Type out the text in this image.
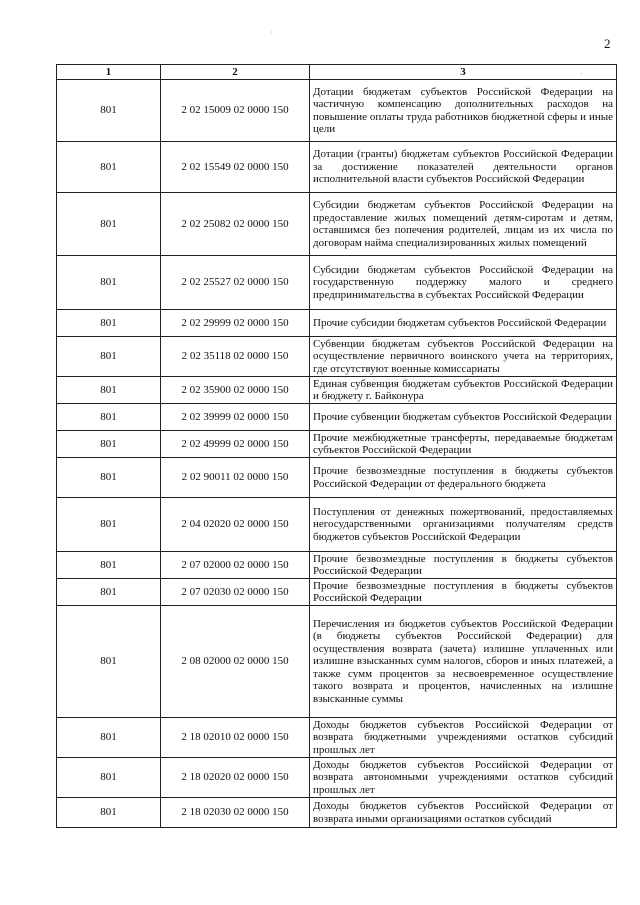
2
·
·
1	2	3
801	2 02 15009 02 0000 150	Дотации бюджетам субъектов Российской Федерации на частичную компенсацию дополнительных расходов на повышение оплаты труда работников бюджетной сферы и иные цели
801	2 02 15549 02 0000 150	Дотации (гранты) бюджетам субъектов Российской Федерации за достижение показателей деятельности органов исполнительной власти субъектов Российской Федерации
801	2 02 25082 02 0000 150	Субсидии бюджетам субъектов Российской Федерации на предоставление жилых помещений детям-сиротам и детям, оставшимся без попечения родителей, лицам из их числа по договорам найма специализированных жилых помещений
801	2 02 25527 02 0000 150	Субсидии бюджетам субъектов Российской Федерации на государственную поддержку малого и среднего предпринимательства в субъектах Российской Федерации
801	2 02 29999 02 0000 150	Прочие субсидии бюджетам субъектов Российской Федерации
801	2 02 35118 02 0000 150	Субвенции бюджетам субъектов Российской Федерации на осуществление первичного воинского учета на территориях, где отсутствуют военные комиссариаты
801	2 02 35900 02 0000 150	Единая субвенция бюджетам субъектов Российской Федерации и бюджету г. Байконура
801	2 02 39999 02 0000 150	Прочие субвенции бюджетам субъектов Российской Федерации
801	2 02 49999 02 0000 150	Прочие межбюджетные трансферты, передаваемые бюджетам субъектов Российской Федерации
801	2 02 90011 02 0000 150	Прочие безвозмездные поступления в бюджеты субъектов Российской Федерации от федерального бюджета
801	2 04 02020 02 0000 150	Поступления от денежных пожертвований, предоставляемых негосударственными организациями получателям средств бюджетов субъектов Российской Федерации
801	2 07 02000 02 0000 150	Прочие безвозмездные поступления в бюджеты субъектов Российской Федерации
801	2 07 02030 02 0000 150	Прочие безвозмездные поступления в бюджеты субъектов Российской Федерации
801	2 08 02000 02 0000 150	Перечисления из бюджетов субъектов Российской Федерации (в бюджеты субъектов Российской Федерации) для осуществления возврата (зачета) излишне уплаченных или излишне взысканных сумм налогов, сборов и иных платежей, а также сумм процентов за несвоевременное осуществление такого возврата и процентов, начисленных на излишне взысканные суммы
801	2 18 02010 02 0000 150	Доходы бюджетов субъектов Российской Федерации от возврата бюджетными учреждениями остатков субсидий прошлых лет
801	2 18 02020 02 0000 150	Доходы бюджетов субъектов Российской Федерации от возврата автономными учреждениями остатков субсидий прошлых лет
801	2 18 02030 02 0000 150	Доходы бюджетов субъектов Российской Федерации от возврата иными организациями остатков субсидий
